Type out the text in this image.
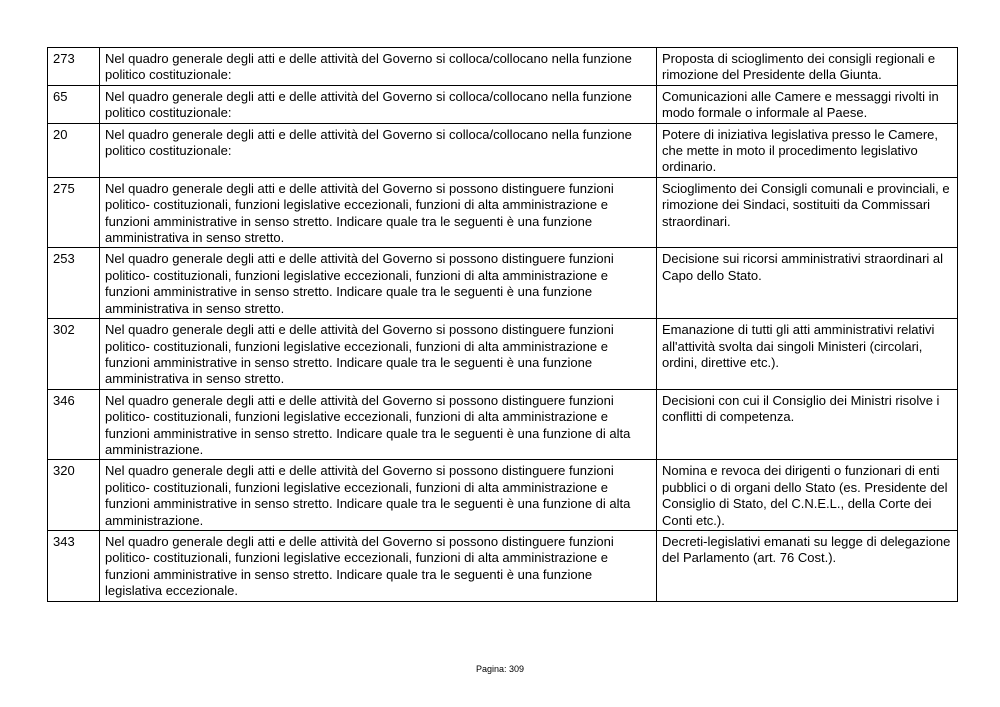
273	Nel quadro generale degli atti e delle attività del Governo si colloca/collocano nella funzione politico costituzionale:	Proposta di scioglimento dei consigli regionali e rimozione del Presidente della Giunta.
65	Nel quadro generale degli atti e delle attività del Governo si colloca/collocano nella funzione politico costituzionale:	Comunicazioni alle Camere e messaggi rivolti in modo formale o informale al Paese.
20	Nel quadro generale degli atti e delle attività del Governo si colloca/collocano nella funzione politico costituzionale:	Potere di iniziativa legislativa presso le Camere, che mette in moto il procedimento legislativo ordinario.
275	Nel quadro generale degli atti e delle attività del Governo si possono distinguere funzioni politico- costituzionali, funzioni legislative eccezionali, funzioni di alta amministrazione e funzioni amministrative in senso stretto. Indicare quale tra le seguenti è una funzione amministrativa in senso stretto.	Scioglimento dei Consigli comunali e provinciali, e rimozione dei Sindaci, sostituiti da Commissari straordinari.
253	Nel quadro generale degli atti e delle attività del Governo si possono distinguere funzioni politico- costituzionali, funzioni legislative eccezionali, funzioni di alta amministrazione e funzioni amministrative in senso stretto. Indicare quale tra le seguenti è una funzione amministrativa in senso stretto.	Decisione sui ricorsi amministrativi straordinari al Capo dello Stato.
302	Nel quadro generale degli atti e delle attività del Governo si possono distinguere funzioni politico- costituzionali, funzioni legislative eccezionali, funzioni di alta amministrazione e funzioni amministrative in senso stretto. Indicare quale tra le seguenti è una funzione amministrativa in senso stretto.	Emanazione di tutti gli atti amministrativi relativi all'attività svolta dai singoli Ministeri (circolari, ordini, direttive etc.).
346	Nel quadro generale degli atti e delle attività del Governo si possono distinguere funzioni politico- costituzionali, funzioni legislative eccezionali, funzioni di alta amministrazione e funzioni amministrative in senso stretto. Indicare quale tra le seguenti è una funzione di alta amministrazione.	Decisioni con cui il Consiglio dei Ministri risolve i conflitti di competenza.
320	Nel quadro generale degli atti e delle attività del Governo si possono distinguere funzioni politico- costituzionali, funzioni legislative eccezionali, funzioni di alta amministrazione e funzioni amministrative in senso stretto. Indicare quale tra le seguenti è una funzione di alta amministrazione.	Nomina e revoca dei dirigenti o funzionari di enti pubblici o di organi dello Stato (es. Presidente del Consiglio di Stato, del C.N.E.L., della Corte dei Conti etc.).
343	Nel quadro generale degli atti e delle attività del Governo si possono distinguere funzioni politico- costituzionali, funzioni legislative eccezionali, funzioni di alta amministrazione e funzioni amministrative in senso stretto. Indicare quale tra le seguenti è una funzione legislativa eccezionale.	Decreti-legislativi emanati su legge di delegazione del Parlamento (art. 76 Cost.).
Pagina: 309
